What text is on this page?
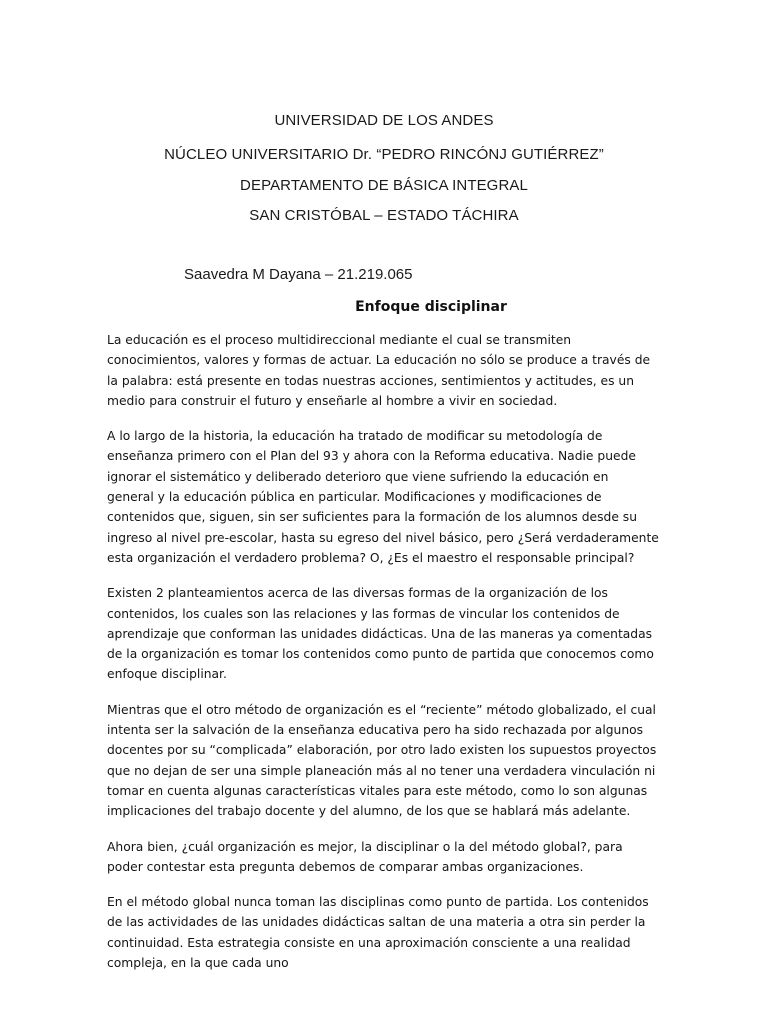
UNIVERSIDAD DE LOS ANDES
NÚCLEO UNIVERSITARIO Dr. “PEDRO RINCÓNJ GUTIÉRREZ”
DEPARTAMENTO DE BÁSICA INTEGRAL
SAN CRISTÓBAL – ESTADO TÁCHIRA
Saavedra M Dayana – 21.219.065
Enfoque disciplinar

La educación es el proceso multidireccional mediante el cual se transmiten conocimientos, valores y formas de actuar. La educación no sólo se produce a través de la palabra: está presente en todas nuestras acciones, sentimientos y actitudes, es un medio para construir el futuro y enseñarle al hombre a vivir en sociedad.

A lo largo de la historia, la educación ha tratado de modificar su metodología de enseñanza primero con el Plan del 93 y ahora con la Reforma educativa. Nadie puede ignorar el sistemático y deliberado deterioro que viene sufriendo la educación en general y la educación pública en particular. Modificaciones y modificaciones de contenidos que, siguen, sin ser suficientes para la formación de los alumnos desde su ingreso al nivel pre-escolar, hasta su egreso del nivel básico, pero ¿Será verdaderamente esta organización el verdadero problema? O, ¿Es el maestro el responsable principal?

Existen 2 planteamientos acerca de las diversas formas de la organización de los contenidos, los cuales son las relaciones y las formas de vincular los contenidos de aprendizaje que conforman las unidades didácticas. Una de las maneras ya comentadas de la organización es tomar los contenidos como punto de partida que conocemos como enfoque disciplinar.

Mientras que el otro método de organización es el “reciente” método globalizado, el cual intenta ser la salvación de la enseñanza educativa pero ha sido rechazada por algunos docentes por su “complicada” elaboración, por otro lado existen los supuestos proyectos que no dejan de ser una simple planeación más al no tener una verdadera vinculación ni tomar en cuenta algunas características vitales para este método, como lo son algunas implicaciones del trabajo docente y del alumno, de los que se hablará más adelante.

Ahora bien, ¿cuál organización es mejor, la disciplinar o la del método global?, para poder contestar esta pregunta debemos de comparar ambas organizaciones.

En el método global nunca toman las disciplinas como punto de partida. Los contenidos de las actividades de las unidades didácticas saltan de una materia a otra sin perder la continuidad. Esta estrategia consiste en una aproximación consciente a una realidad compleja, en la que cada uno
